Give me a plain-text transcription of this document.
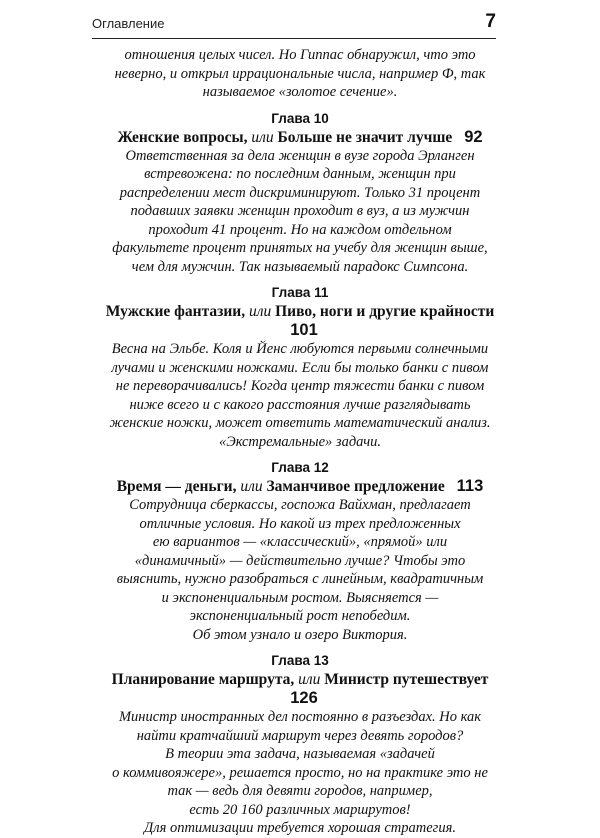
Оглавление	7

отношения целых чисел. Но Гиппас обнаружил, что это

неверно, и открыл иррациональные числа, например Ф, так

называемое «золотое сечение».

Глава 10

Женские вопросы, или Больше не значит лучше 92

Ответственная за дела женщин в вузе города Эрланген

встревожена: по последним данным, женщин при

распределении мест дискриминируют. Только 31 процент

подавших заявки женщин проходит в вуз, а из мужчин

проходит 41 процент. Но на каждом отдельном

факультете процент принятых на учебу для женщин выше,

чем для мужчин. Так называемый парадокс Симпсона.

Глава 11

Мужские фантазии, или Пиво, ноги и другие крайности 101

Весна на Эльбе. Коля и Йенс любуются первыми солнечными

лучами и женскими ножками. Если бы только банки с пивом

не переворачивались! Когда центр тяжести банки с пивом

ниже всего и с какого расстояния лучше разглядывать

женские ножки, может ответить математический анализ.

«Экстремальные» задачи.

Глава 12

Время — деньги, или Заманчивое предложение 113

Сотрудница сберкассы, госпожа Вайхман, предлагает

отличные условия. Но какой из трех предложенных

ею вариантов — «классический», «прямой» или

«динамичный» — действительно лучше? Чтобы это

выяснить, нужно разобраться с линейным, квадратичным

и экспоненциальным ростом. Выясняется —

экспоненциальный рост непобедим.

Об этом узнало и озеро Виктория.

Глава 13

Планирование маршрута, или Министр путешествует 126

Министр иностранных дел постоянно в разъездах. Но как

найти кратчайший маршрут через девять городов?

В теории эта задача, называемая «задачей

о коммивояжере», решается просто, но на практике это не

так — ведь для девяти городов, например,

есть 20 160 различных маршрутов!

Для оптимизации требуется хорошая стратегия.
